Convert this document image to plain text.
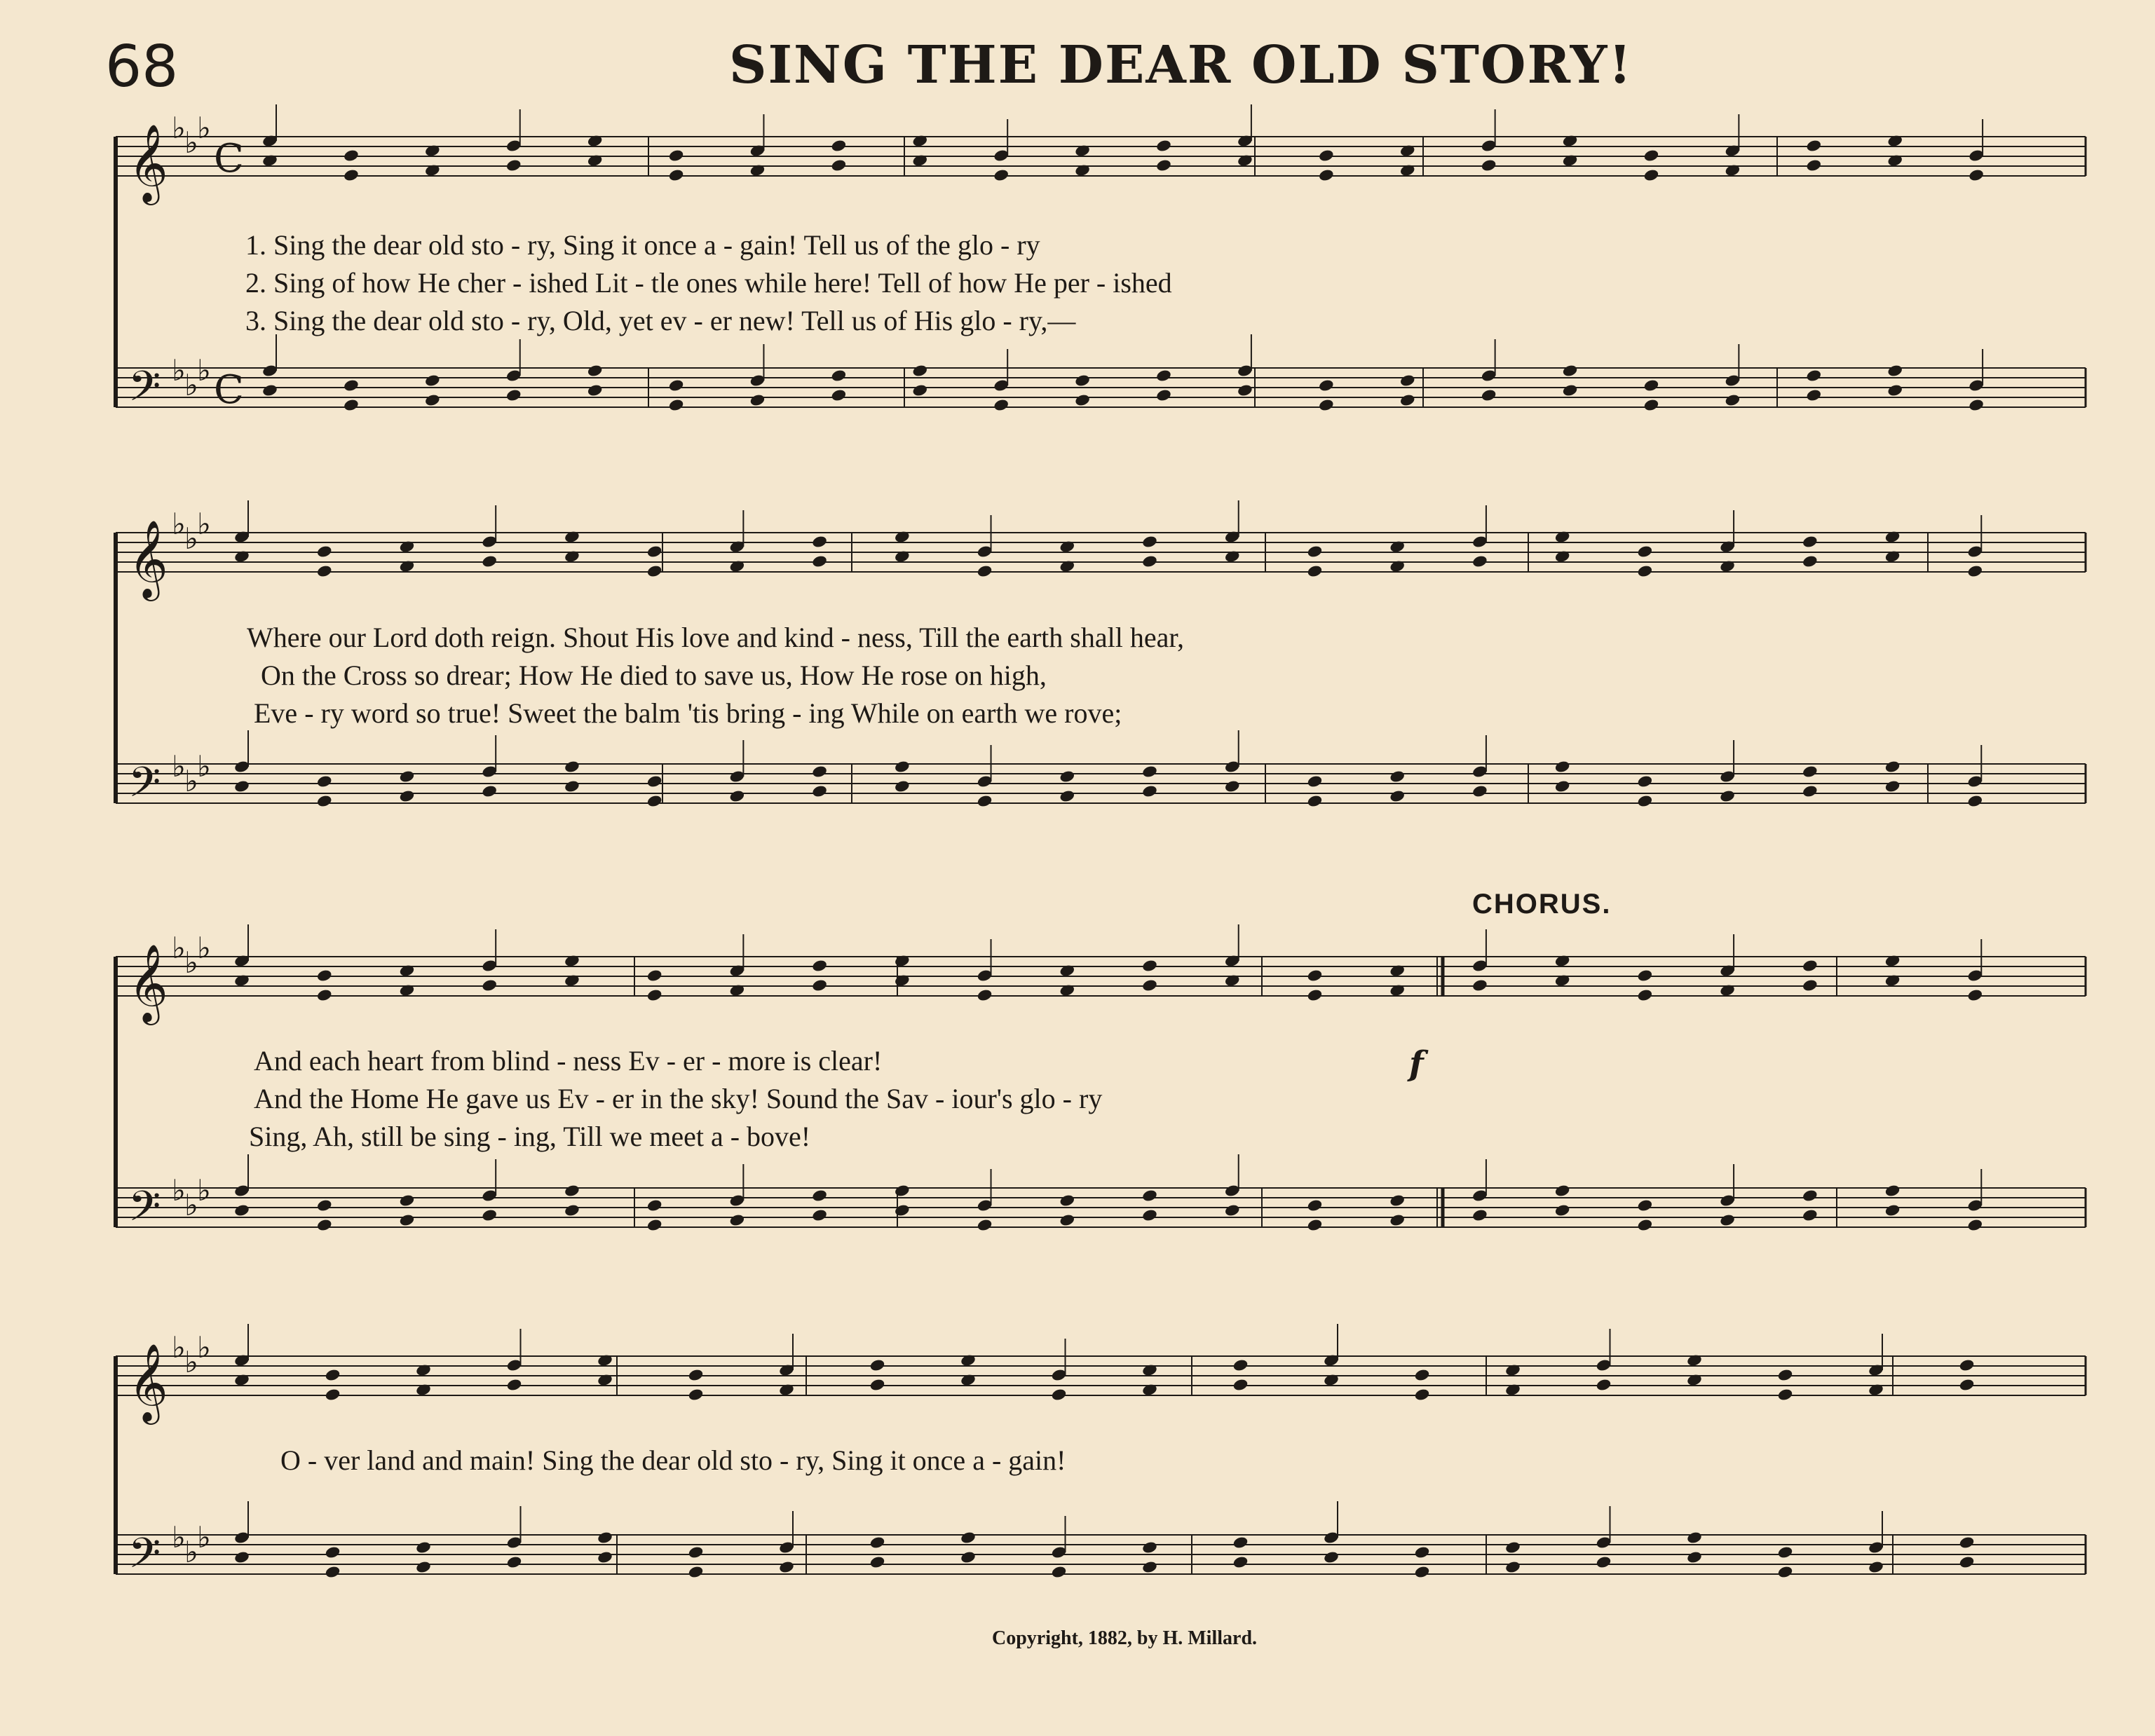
68	SING THE DEAR OLD STORY!
CHORUS.
f
1. Sing the dear old sto - ry, Sing it once a - gain! Tell us of the glo - ry
2. Sing of how He cher - ished Lit - tle ones while here! Tell of how He per - ished
3. Sing the dear old sto - ry, Old, yet ev - er new! Tell us of His glo - ry,—
Where our Lord doth reign. Shout His love and kind - ness, Till the earth shall hear,
On the Cross so drear; How He died to save us, How He rose on high,
Eve - ry word so true! Sweet the balm 'tis bring - ing While on earth we rove;
And each heart from blind - ness Ev - er - more is clear!
And the Home He gave us Ev - er in the sky! Sound the Sav - iour's glo - ry
Sing, Ah, still be sing - ing, Till we meet a - bove!
O - ver land and main! Sing the dear old sto - ry, Sing it once a - gain!
Copyright, 1882, by H. Millard.
𝄞 ♭
♭
♭
C
𝄢 ♭
♭
♭ C
𝄞 ♭
♭
♭
𝄢 ♭
♭
♭
𝄞 ♭
♭
♭
𝄢 ♭
♭
♭
𝄞 ♭
♭
♭
𝄢 ♭
♭
♭
